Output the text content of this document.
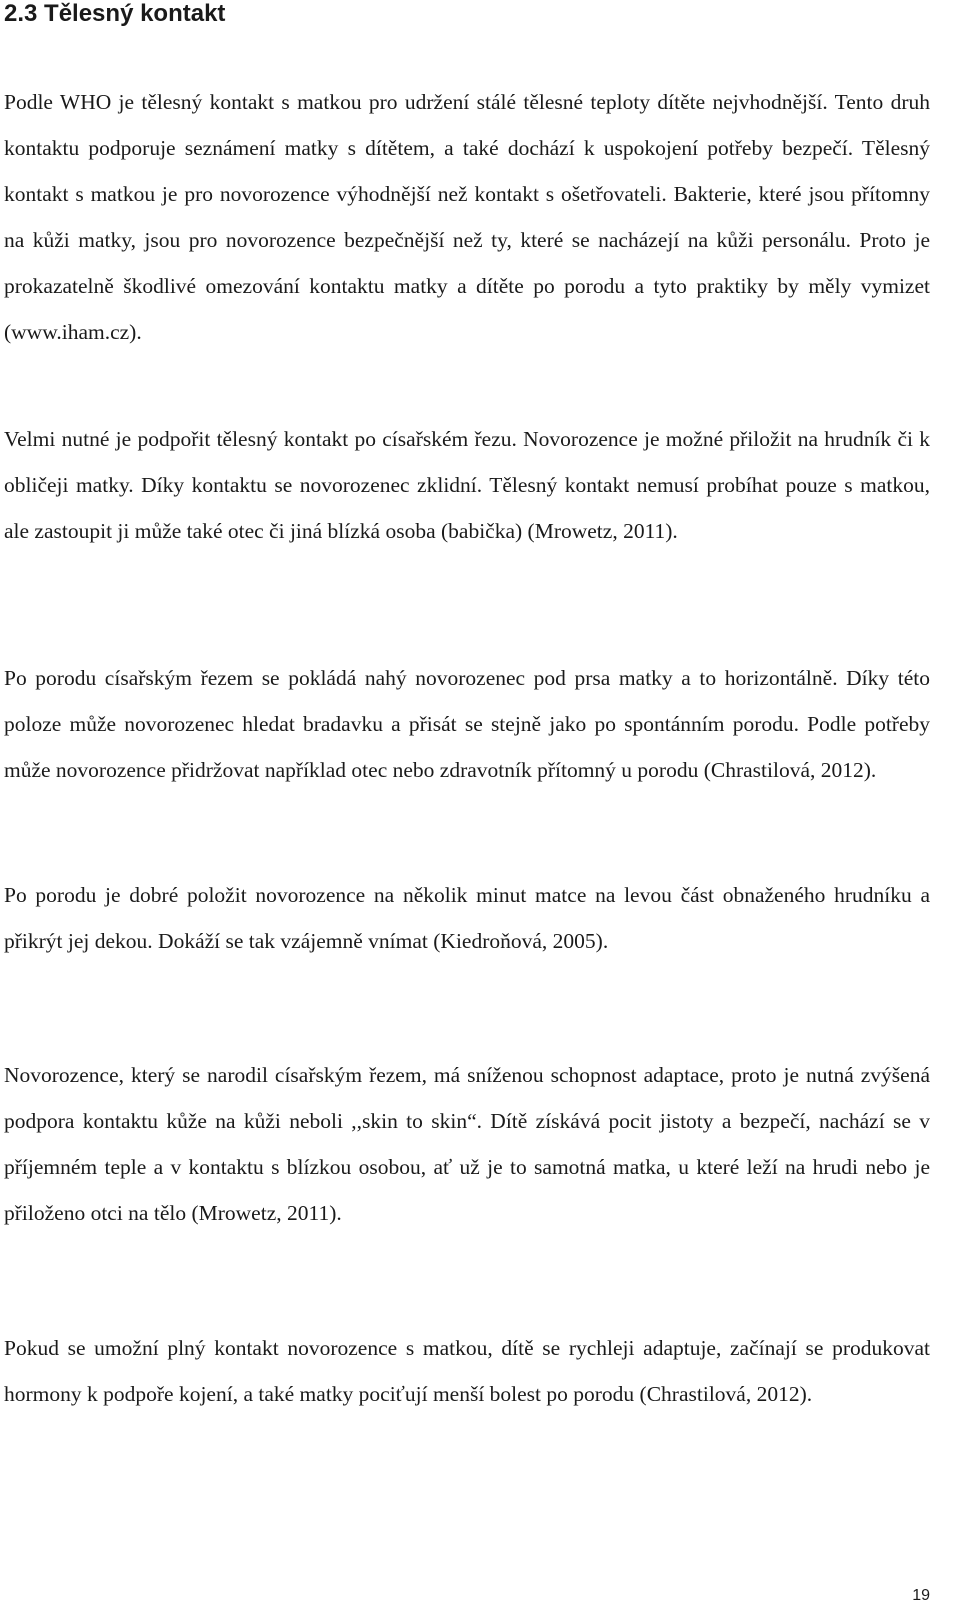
2.3 Tělesný kontakt

Podle WHO je tělesný kontakt s matkou pro udržení stálé tělesné teploty dítěte nejvhodnější. Tento druh kontaktu podporuje seznámení matky s dítětem, a také dochází k uspokojení potřeby bezpečí. Tělesný kontakt s matkou je pro novorozence výhodnější než kontakt s ošetřovateli. Bakterie, které jsou přítomny na kůži matky, jsou pro novorozence bezpečnější než ty, které se nacházejí na kůži personálu. Proto je prokazatelně škodlivé omezování kontaktu matky a dítěte po porodu a tyto praktiky by měly vymizet (www.iham.cz).

Velmi nutné je podpořit tělesný kontakt po císařském řezu. Novorozence je možné přiložit na hrudník či k obličeji matky. Díky kontaktu se novorozenec zklidní. Tělesný kontakt nemusí probíhat pouze s matkou, ale zastoupit ji může také otec či jiná blízká osoba (babička) (Mrowetz, 2011).

Po porodu císařským řezem se pokládá nahý novorozenec pod prsa matky a to horizontálně. Díky této poloze může novorozenec hledat bradavku a přisát se stejně jako po spontánním porodu. Podle potřeby může novorozence přidržovat například otec nebo zdravotník přítomný u porodu (Chrastilová, 2012).

Po porodu je dobré položit novorozence na několik minut matce na levou část obnaženého hrudníku a přikrýt jej dekou. Dokáží se tak vzájemně vnímat (Kiedroňová, 2005).

Novorozence, který se narodil císařským řezem, má sníženou schopnost adaptace, proto je nutná zvýšená podpora kontaktu kůže na kůži neboli ,,skin to skin“. Dítě získává pocit jistoty a bezpečí, nachází se v příjemném teple a v kontaktu s blízkou osobou, ať už je to samotná matka, u které leží na hrudi nebo je přiloženo otci na tělo (Mrowetz, 2011).

Pokud se umožní plný kontakt novorozence s matkou, dítě se rychleji adaptuje, začínají se produkovat hormony k podpoře kojení, a také matky pociťují menší bolest po porodu (Chrastilová, 2012).

19
